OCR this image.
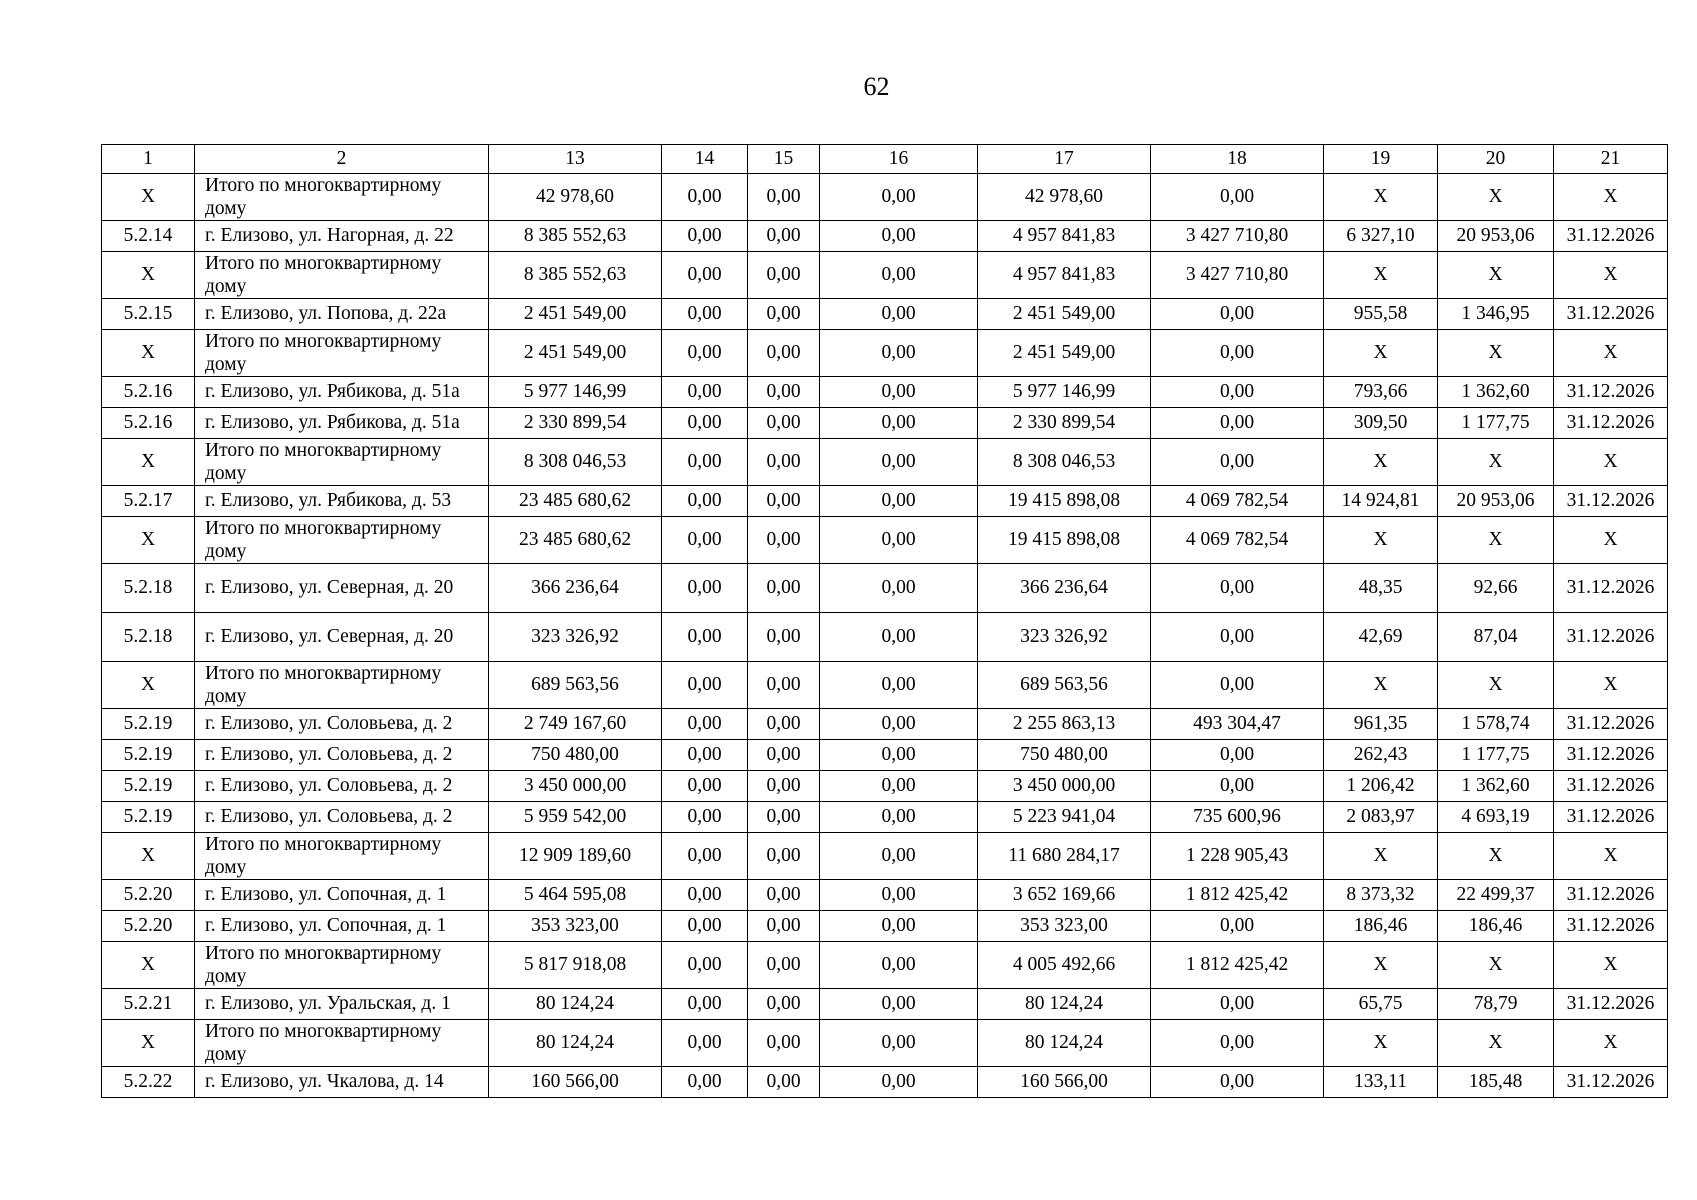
62
1	2	13	14	15	16	17	18	19	20	21
Х	Итого по многоквартирному дому	42 978,60	0,00	0,00	0,00	42 978,60	0,00	Х	Х	Х
5.2.14	г. Елизово, ул. Нагорная, д. 22	8 385 552,63	0,00	0,00	0,00	4 957 841,83	3 427 710,80	6 327,10	20 953,06	31.12.2026
Х	Итого по многоквартирному дому	8 385 552,63	0,00	0,00	0,00	4 957 841,83	3 427 710,80	Х	Х	Х
5.2.15	г. Елизово, ул. Попова, д. 22а	2 451 549,00	0,00	0,00	0,00	2 451 549,00	0,00	955,58	1 346,95	31.12.2026
Х	Итого по многоквартирному дому	2 451 549,00	0,00	0,00	0,00	2 451 549,00	0,00	Х	Х	Х
5.2.16	г. Елизово, ул. Рябикова, д. 51а	5 977 146,99	0,00	0,00	0,00	5 977 146,99	0,00	793,66	1 362,60	31.12.2026
5.2.16	г. Елизово, ул. Рябикова, д. 51а	2 330 899,54	0,00	0,00	0,00	2 330 899,54	0,00	309,50	1 177,75	31.12.2026
Х	Итого по многоквартирному дому	8 308 046,53	0,00	0,00	0,00	8 308 046,53	0,00	Х	Х	Х
5.2.17	г. Елизово, ул. Рябикова, д. 53	23 485 680,62	0,00	0,00	0,00	19 415 898,08	4 069 782,54	14 924,81	20 953,06	31.12.2026
Х	Итого по многоквартирному дому	23 485 680,62	0,00	0,00	0,00	19 415 898,08	4 069 782,54	Х	Х	Х
5.2.18	г. Елизово, ул. Северная, д. 20	366 236,64	0,00	0,00	0,00	366 236,64	0,00	48,35	92,66	31.12.2026
5.2.18	г. Елизово, ул. Северная, д. 20	323 326,92	0,00	0,00	0,00	323 326,92	0,00	42,69	87,04	31.12.2026
Х	Итого по многоквартирному дому	689 563,56	0,00	0,00	0,00	689 563,56	0,00	Х	Х	Х
5.2.19	г. Елизово, ул. Соловьева, д. 2	2 749 167,60	0,00	0,00	0,00	2 255 863,13	493 304,47	961,35	1 578,74	31.12.2026
5.2.19	г. Елизово, ул. Соловьева, д. 2	750 480,00	0,00	0,00	0,00	750 480,00	0,00	262,43	1 177,75	31.12.2026
5.2.19	г. Елизово, ул. Соловьева, д. 2	3 450 000,00	0,00	0,00	0,00	3 450 000,00	0,00	1 206,42	1 362,60	31.12.2026
5.2.19	г. Елизово, ул. Соловьева, д. 2	5 959 542,00	0,00	0,00	0,00	5 223 941,04	735 600,96	2 083,97	4 693,19	31.12.2026
Х	Итого по многоквартирному дому	12 909 189,60	0,00	0,00	0,00	11 680 284,17	1 228 905,43	Х	Х	Х
5.2.20	г. Елизово, ул. Сопочная, д. 1	5 464 595,08	0,00	0,00	0,00	3 652 169,66	1 812 425,42	8 373,32	22 499,37	31.12.2026
5.2.20	г. Елизово, ул. Сопочная, д. 1	353 323,00	0,00	0,00	0,00	353 323,00	0,00	186,46	186,46	31.12.2026
Х	Итого по многоквартирному дому	5 817 918,08	0,00	0,00	0,00	4 005 492,66	1 812 425,42	Х	Х	Х
5.2.21	г. Елизово, ул. Уральская, д. 1	80 124,24	0,00	0,00	0,00	80 124,24	0,00	65,75	78,79	31.12.2026
Х	Итого по многоквартирному дому	80 124,24	0,00	0,00	0,00	80 124,24	0,00	Х	Х	Х
5.2.22	г. Елизово, ул. Чкалова, д. 14	160 566,00	0,00	0,00	0,00	160 566,00	0,00	133,11	185,48	31.12.2026
